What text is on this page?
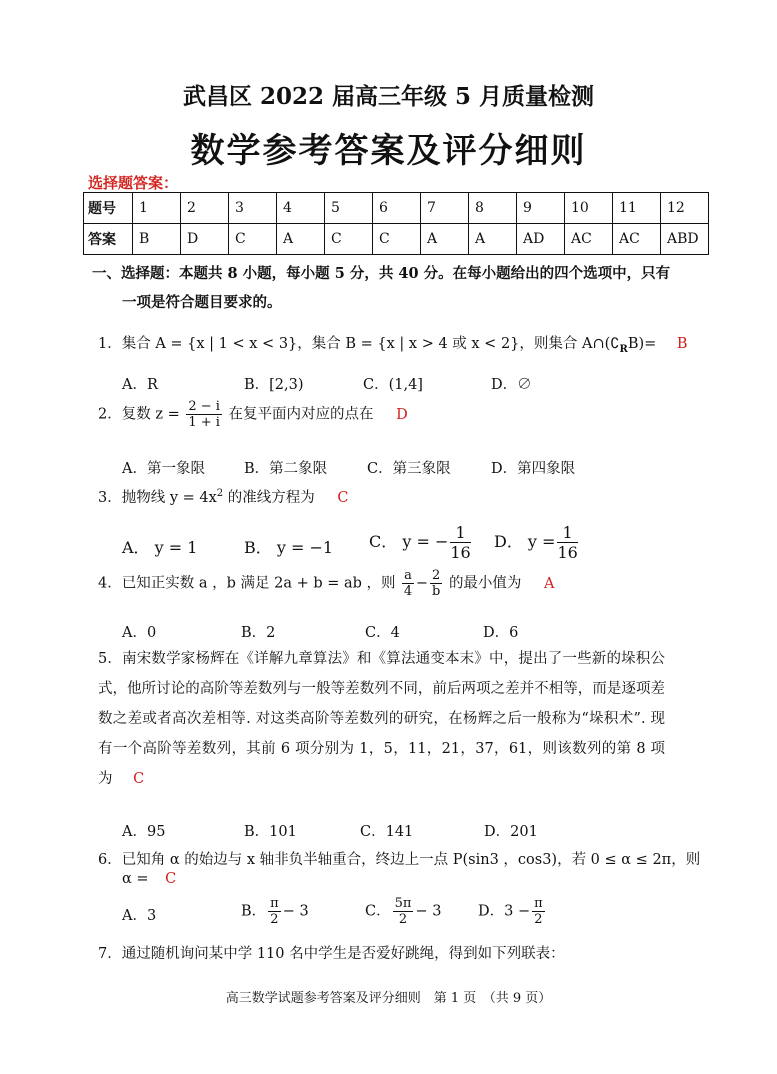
武昌区 2022 届高三年级 5 月质量检测
数学参考答案及评分细则
选择题答案：
题号	1	2	3	4	5	6	7	8	9	10	11	12
答案	B	D	C	A	C	C	A	A	AD	AC	AC	ABD
一、选择题：本题共 8 小题，每小题 5 分，共 40 分。在每小题给出的四个选项中，只有
一项是符合题目要求的。
1．集合 A = {x | 1 < x < 3}，集合 B = {x | x > 4 或 x < 2}，则集合 $A\cap(∁_RB)= B$
A．R	B．[2,3)	C．(1,4]	D．∅
2．复数 $z = \frac{2 - i}{1 + i}$ 在复平面内对应的点在 D
A．第一象限	B．第二象限	C．第三象限	D．第四象限
3．抛物线 $y = 4x^2$ 的准线方程为 C
A． y = 1	B． y = −1 C． y = − $\frac{1}{16}$ D． $y = \frac{1}{16}$
4．已知正实数 a ，b 满足 2a + b = ab ，则 $\frac{a}{4} - \frac{2}{b}$ 的最小值为 A
A．0	B．2	C．4	D．6
5．南宋数学家杨辉在《详解九章算法》和《算法通变本末》中，提出了一些新的垛积公式，他所讨论的高阶等差数列与一般等差数列不同，前后两项之差并不相等，而是逐项差数之差或者高次差相等. 对这类高阶等差数列的研究，在杨辉之后一般称为“垛积术”. 现有一个高阶等差数列，其前 6 项分别为 1，5，11，21，37，61，则该数列的第 8 项为 C
A．95	B．101	C．141	D．201
6．已知角 α 的始边与 x 轴非负半轴重合，终边上一点 P(sin3 ，cos3)，若 0 ≤ α ≤ 2π，则
α = C
A．3	B． $\frac{\pi}{2} - 3$	C． $\frac{5\pi}{2} - 3$	D．$3 - \frac{\pi}{2}$
7．通过随机询问某中学 110 名中学生是否爱好跳绳，得到如下列联表：
高三数学试题参考答案及评分细则　第 1 页　（共 9 页）
